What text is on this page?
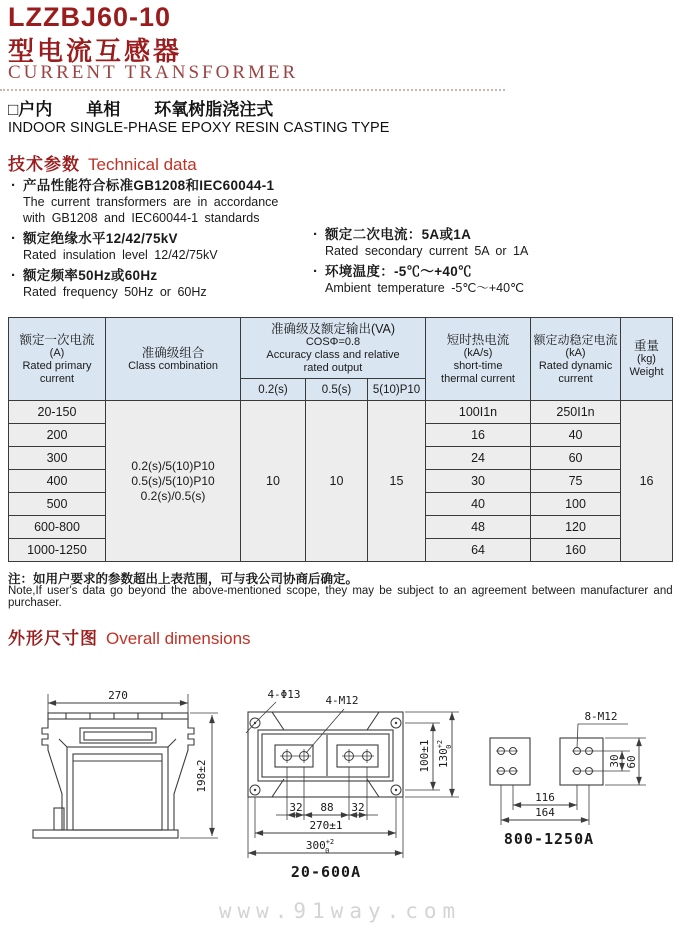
LZZBJ60-10
型电流互感器
CURRENT TRANSFORMER
□户内　　单相　　环氧树脂浇注式
INDOOR SINGLE-PHASE EPOXY RESIN CASTING TYPE
技术参数 Technical data
· 产品性能符合标准GB1208和IEC60044-1
The current transformers are in accordance
with GB1208 and IEC60044-1 standards
· 额定绝缘水平12/42/75kV
Rated insulation level 12/42/75kV
· 额定频率50Hz或60Hz
Rated frequency 50Hz or 60Hz
· 额定二次电流：5A或1A
Rated secondary current 5A or 1A
· 环境温度：-5℃～+40℃
Ambient temperature -5℃～+40℃
额定一次电流
(A)
Rated primary
current	准确级组合
Class combination	准确级及额定输出(VA)
COSΦ=0.8
Accuracy class and relative
rated output			短时热电流
(kA/s)
short-time
thermal current	额定动稳定电流
(kA)
Rated dynamic
current	重量
(kg)
Weight

		0.2(s)	0.5(s)	5(10)P10			
20-150	0.2(s)/5(10)P10
0.5(s)/5(10)P10
0.2(s)/0.5(s)	10	10	15	100I1n	250I1n	16
200					16	40	
300					24	60	
400					30	75	
500					40	100	
600-800					48	120	
1000-1250					64	160	
注：如用户要求的参数超出上表范围，可与我公司协商后确定。
Note,If user's data go beyond the above-mentioned scope, they may be subject to an agreement between manufacturer and purchaser.
外形尺寸图 Overall dimensions
270
198±2
4-Φ13 4-M12
100±1 $130^{+2}0$
32 88 32
270±1
$300^{+2}$ 0
20-600A
8-M12
30 60
116
164
800-1250A
www.91way.com
